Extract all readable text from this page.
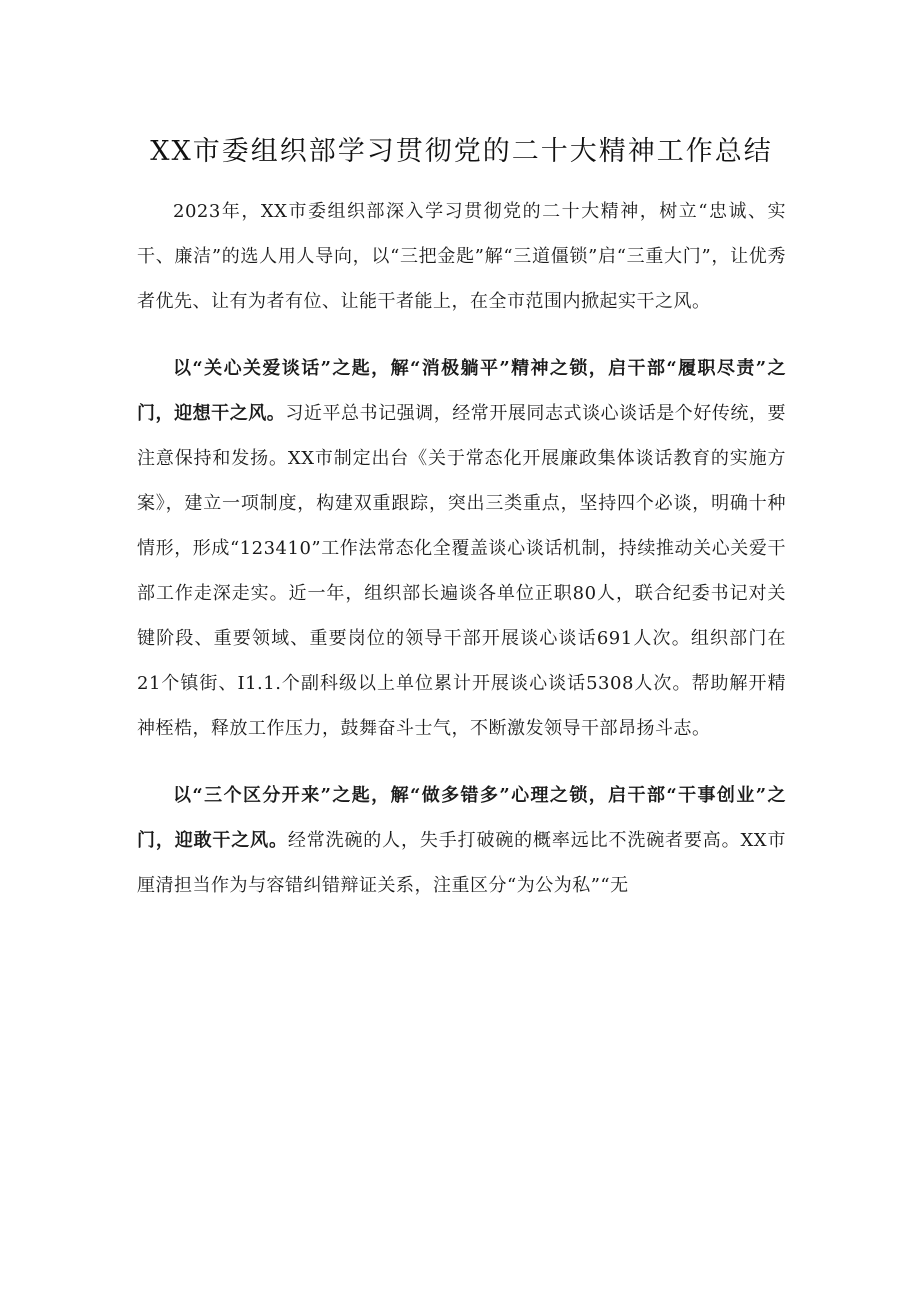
XX市委组织部学习贯彻党的二十大精神工作总结

2023年，XX市委组织部深入学习贯彻党的二十大精神，树立“忠诚、实干、廉洁”的选人用人导向，以“三把金匙”解“三道僵锁”启“三重大门”，让优秀者优先、让有为者有位、让能干者能上，在全市范围内掀起实干之风。

以“关心关爱谈话”之匙，解“消极躺平”精神之锁，启干部“履职尽责”之门，迎想干之风。习近平总书记强调，经常开展同志式谈心谈话是个好传统，要注意保持和发扬。XX市制定出台《关于常态化开展廉政集体谈话教育的实施方案》，建立一项制度，构建双重跟踪，突出三类重点，坚持四个必谈，明确十种情形，形成“123410”工作法常态化全覆盖谈心谈话机制，持续推动关心关爱干部工作走深走实。近一年，组织部长遍谈各单位正职80人，联合纪委书记对关键阶段、重要领域、重要岗位的领导干部开展谈心谈话691人次。组织部门在21个镇街、I1.1.个副科级以上单位累计开展谈心谈话5308人次。帮助解开精神桎梏，释放工作压力，鼓舞奋斗士气，不断激发领导干部昂扬斗志。

以“三个区分开来”之匙，解“做多错多”心理之锁，启干部“干事创业”之门，迎敢干之风。经常洗碗的人，失手打破碗的概率远比不洗碗者要高。XX市厘清担当作为与容错纠错辩证关系，注重区分“为公为私”“无
